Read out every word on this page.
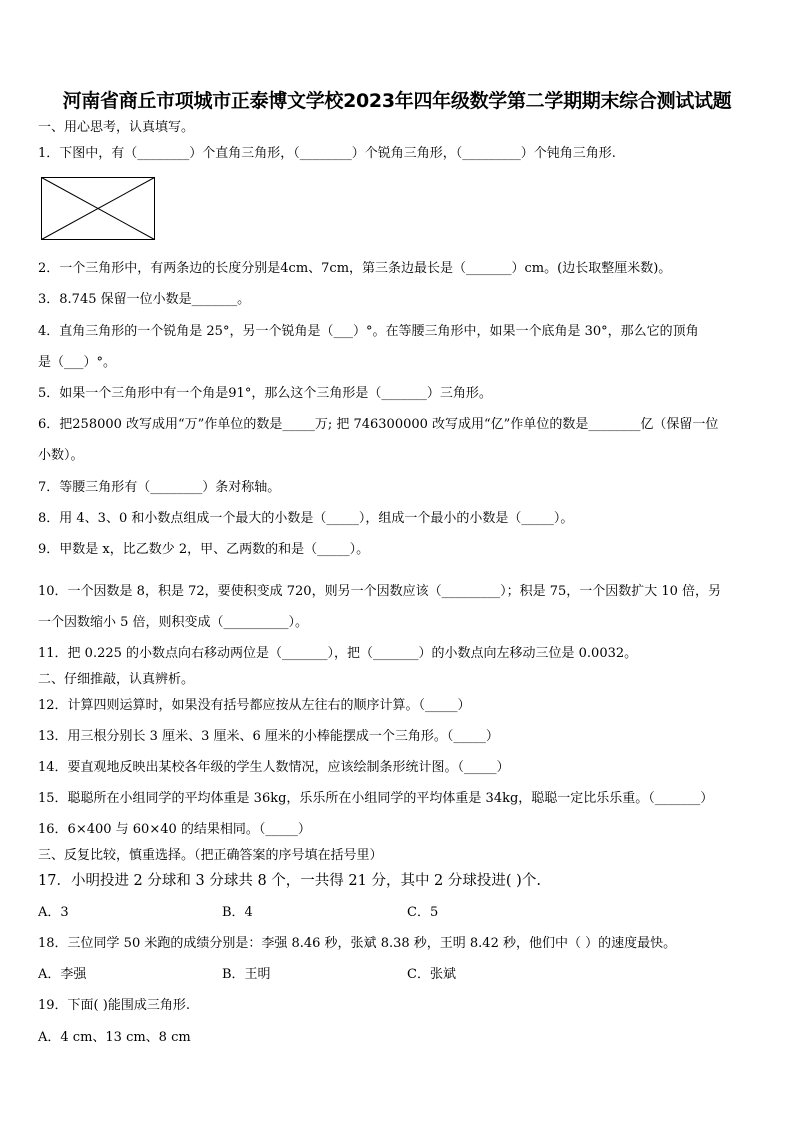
河南省商丘市项城市正泰博文学校2023年四年级数学第二学期期末综合测试试题
一、用心思考，认真填写。
1．下图中，有（________）个直角三角形，（________）个锐角三角形，（_________）个钝角三角形.
2．一个三角形中，有两条边的长度分别是4cm、7cm，第三条边最长是（_______）cm。(边长取整厘米数)。
3．8.745 保留一位小数是_______。
4．直角三角形的一个锐角是 25°，另一个锐角是（___）°。在等腰三角形中，如果一个底角是 30°，那么它的顶角
是（___）°。
5．如果一个三角形中有一个角是91°，那么这个三角形是（_______）三角形。
6．把258000 改写成用“万”作单位的数是_____万; 把 746300000 改写成用“亿”作单位的数是________亿（保留一位
小数）。
7．等腰三角形有（________）条对称轴。
8．用 4、3、0 和小数点组成一个最大的小数是（_____），组成一个最小的小数是（_____）。
9．甲数是 x，比乙数少 2，甲、乙两数的和是（_____）。
10．一个因数是 8，积是 72，要使积变成 720，则另一个因数应该（_________）；积是 75，一个因数扩大 10 倍，另
一个因数缩小 5 倍，则积变成（__________）。
11．把 0.225 的小数点向右移动两位是（_______），把（_______）的小数点向左移动三位是 0.0032。
二、仔细推敲，认真辨析。
12．计算四则运算时，如果没有括号都应按从左往右的顺序计算。（_____）
13．用三根分别长 3 厘米、3 厘米、6 厘米的小棒能摆成一个三角形。（_____）
14．要直观地反映出某校各年级的学生人数情况，应该绘制条形统计图。（_____）
15．聪聪所在小组同学的平均体重是 36kg，乐乐所在小组同学的平均体重是 34kg，聪聪一定比乐乐重。（_______）
16．6×400 与 60×40 的结果相同。（_____）
三、反复比较，慎重选择。（把正确答案的序号填在括号里）
17．小明投进 2 分球和 3 分球共 8 个，一共得 21 分，其中 2 分球投进( )个.
A．3	B．4	C．5
18．三位同学 50 米跑的成绩分别是：李强 8.46 秒，张斌 8.38 秒，王明 8.42 秒，他们中（ ）的速度最快。
A．李强	B．王明	C．张斌
19．下面( )能围成三角形.
A．4 cm、13 cm、8 cm
